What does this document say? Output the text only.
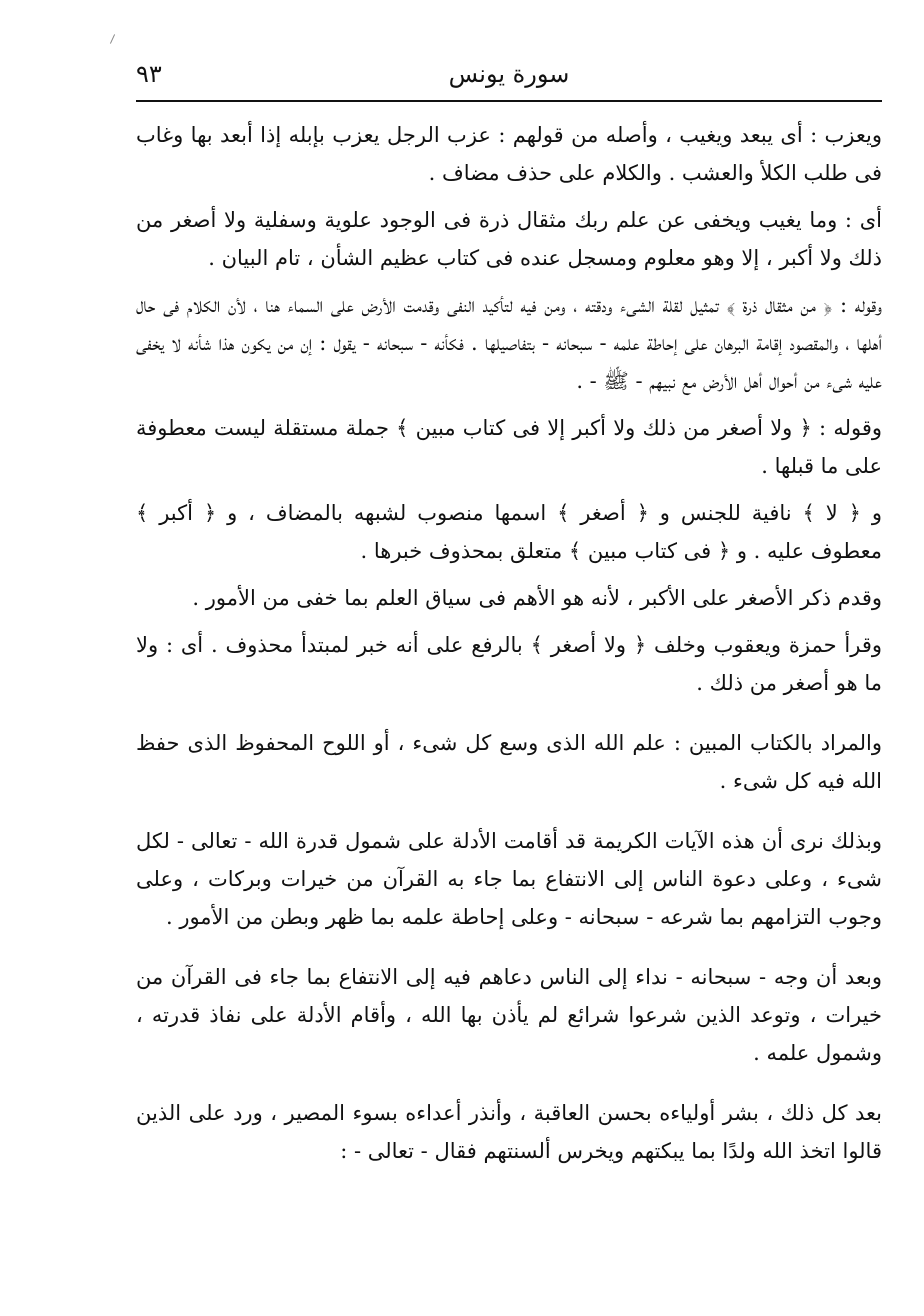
سورة يونس
٩٣

ويعزب : أى يبعد ويغيب ، وأصله من قولهم : عزب الرجل يعزب بإبله إذا أبعد بها وغاب فى طلب الكلأ والعشب . والكلام على حذف مضاف .

أى : وما يغيب ويخفى عن علم ربك مثقال ذرة فى الوجود علوية وسفلية ولا أصغر من ذلك ولا أكبر ، إلا وهو معلوم ومسجل عنده فى كتاب عظيم الشأن ، تام البيان .

وقوله : ﴿ من مثقال ذرة ﴾ تمثيل لقلة الشىء ودقته ، ومن فيه لتأكيد النفى وقدمت الأرض على السماء هنا ، لأن الكلام فى حال أهلها ، والمقصود إقامة البرهان على إحاطة علمه - سبحانه - بتفاصيلها . فكأنه - سبحانه - يقول : إن من يكون هذا شأنه لا يخفى عليه شىء من أحوال أهل الأرض مع نبيهم - ﷺ - .

وقوله : ﴿ ولا أصغر من ذلك ولا أكبر إلا فى كتاب مبين ﴾ جملة مستقلة ليست معطوفة على ما قبلها .

و ﴿ لا ﴾ نافية للجنس و ﴿ أصغر ﴾ اسمها منصوب لشبهه بالمضاف ، و ﴿ أكبر ﴾ معطوف عليه . و ﴿ فى كتاب مبين ﴾ متعلق بمحذوف خبرها .

وقدم ذكر الأصغر على الأكبر ، لأنه هو الأهم فى سياق العلم بما خفى من الأمور .

وقرأ حمزة ويعقوب وخلف ﴿ ولا أصغر ﴾ بالرفع على أنه خبر لمبتدأ محذوف . أى : ولا ما هو أصغر من ذلك .

والمراد بالكتاب المبين : علم الله الذى وسع كل شىء ، أو اللوح المحفوظ الذى حفظ الله فيه كل شىء .

وبذلك نرى أن هذه الآيات الكريمة قد أقامت الأدلة على شمول قدرة الله - تعالى - لكل شىء ، وعلى دعوة الناس إلى الانتفاع بما جاء به القرآن من خيرات وبركات ، وعلى وجوب التزامهم بما شرعه - سبحانه - وعلى إحاطة علمه بما ظهر وبطن من الأمور .

وبعد أن وجه - سبحانه - نداء إلى الناس دعاهم فيه إلى الانتفاع بما جاء فى القرآن من خيرات ، وتوعد الذين شرعوا شرائع لم يأذن بها الله ، وأقام الأدلة على نفاذ قدرته ، وشمول علمه .

بعد كل ذلك ، بشر أولياءه بحسن العاقبة ، وأنذر أعداءه بسوء المصير ، ورد على الذين قالوا اتخذ الله ولدًا بما يبكتهم ويخرس ألسنتهم فقال - تعالى - :
